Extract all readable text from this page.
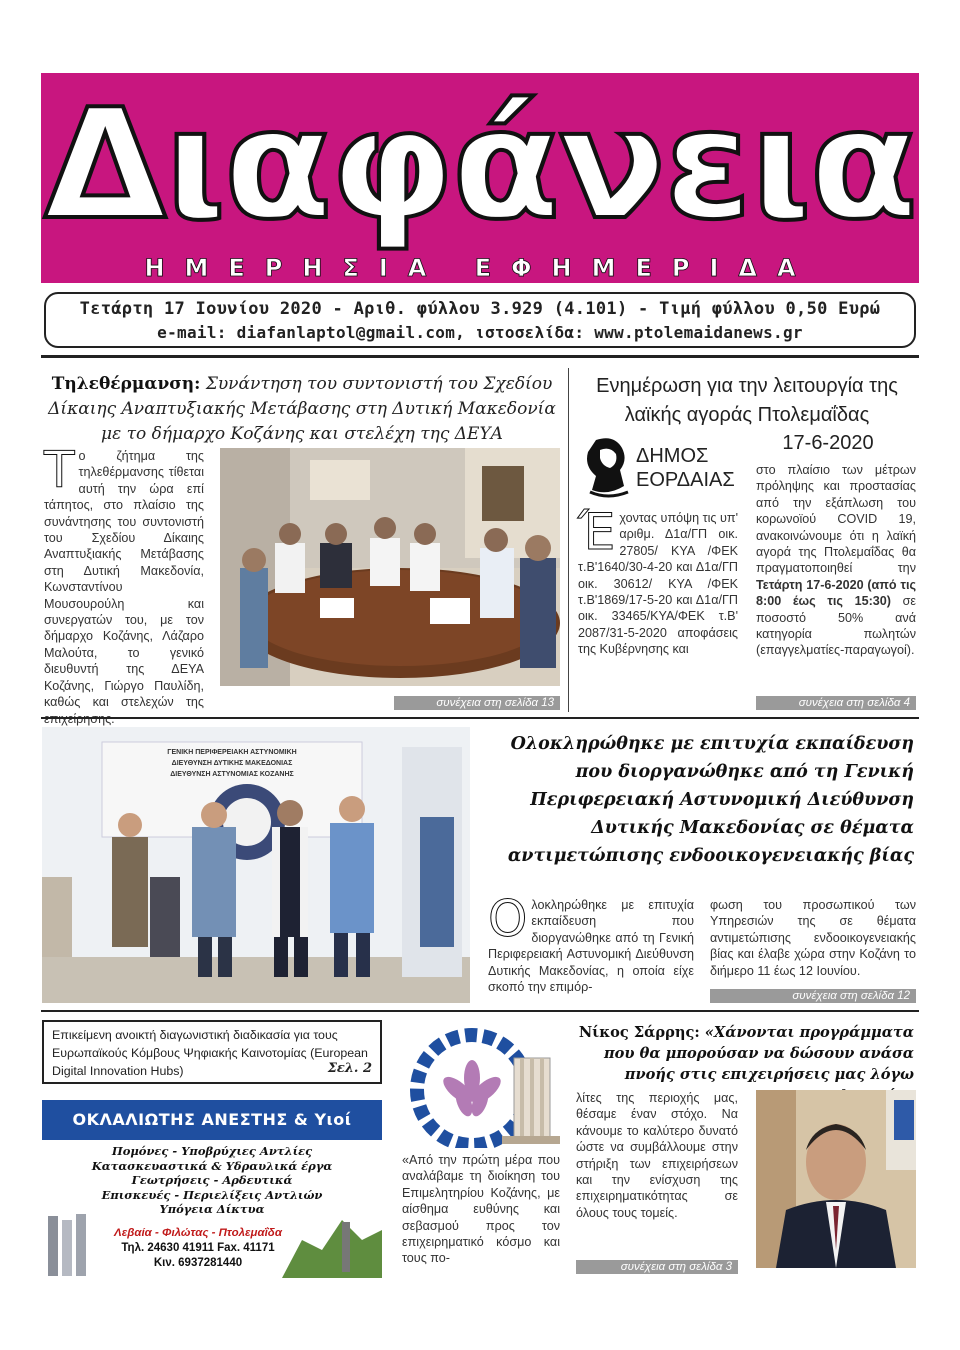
Διαφάνεια
ΗΜΕΡΗΣΙΑ ΕΦΗΜΕΡΙΔΑ
Τετάρτη 17 Ιουνίου 2020 - Αριθ. φύλλου 3.929 (4.101) - Τιμή φύλλου 0,50 Ευρώ
e-mail: diafanlaptol@gmail.com, ιστοσελίδα: www.ptolemaidanews.gr
Τηλεθέρμανση: Συνάντηση του συντονιστή του Σχεδίου Δίκαιης Αναπτυξιακής Μετάβασης στη Δυτική Μακεδονία με το δήμαρχο Κοζάνης και στελέχη της ΔΕΥΑ
Το ζήτημα της τηλεθέρμανσης τίθεται αυτή την ώρα επί τάπητος, στο πλαίσιο της συνάντησης του συντονιστή του Σχεδίου Δίκαιης Αναπτυξιακής Μετάβασης στη Δυτική Μακεδονία, Κωνσταντίνου Μουσουρούλη και συνεργατών του, με τον δήμαρχο Κοζάνης, Λάζαρο Μαλούτα, το γενικό διευθυντή της ΔΕΥΑ Κοζάνης, Γιώργο Παυλίδη, καθώς και στελεχών της	συνέχεια στη σελίδα 13
Ενημέρωση για την λειτουργία της λαϊκής αγοράς Πτολεμαΐδας
17-6-2020
ΔΗΜΟΣ
ΕΟΡΔΑΙΑΣ
Έχοντας υπόψη τις υπ' αριθμ. Δ1α/ΓΠ οικ. 27805/ ΚΥΑ /ΦΕΚ τ.Β'1640/30-4-20 και Δ1α/ΓΠ οικ. 30612/ ΚΥΑ /ΦΕΚ τ.Β'1869/17-5-20 και Δ1α/ΓΠ οικ. 33465/ΚΥΑ/ΦΕΚ τ.Β' 2087/31-5-2020 αποφάσεις της Κυβέρνησης και
στο πλαίσιο των μέτρων πρόληψης και προστασίας από την εξάπλωση του κορωνοϊού COVID 19, ανακοινώνουμε ότι η λαϊκή αγορά της Πτολεμαΐδας θα πραγματοποιηθεί την Τετάρτη 17-6-2020 (από τις 8:00 έως τις 15:30) σε ποσοστό 50% ανά κατηγορία πωλητών (επαγγελματίες-παραγωγοί).
συνέχεια στη σελίδα 4
ΓΕΝΙΚΗ ΠΕΡΙΦΕΡΕΙΑΚΗ ΑΣΤΥΝΟΜΙΚΗ
ΔΙΕΥΘΥΝΣΗ ΔΥΤΙΚΗΣ ΜΑΚΕΔΟΝΙΑΣ
ΔΙΕΥΘΥΝΣΗ ΑΣΤΥΝΟΜΙΑΣ ΚΟΖΑΝΗΣ
Ολοκληρώθηκε με επιτυχία εκπαίδευση που διοργανώθηκε από τη Γενική Περιφερειακή Αστυνομική Διεύθυνση Δυτικής Μακεδονίας σε θέματα αντιμετώπισης ενδοοικογενειακής βίας
Ολοκληρώθηκε με επιτυχία εκπαίδευση που διοργανώθηκε από τη Γενική Περιφερειακή Αστυνομική Διεύθυνση Δυτικής Μακεδονίας, η οποία είχε σκοπό την επιμόρ-
φωση του προσωπικού των Υπηρεσιών της σε θέματα αντιμετώπισης ενδοοικογενειακής βίας και έλαβε χώρα στην Κοζάνη το διήμερο 11 έως 12 Ιουνίου.
συνέχεια στη σελίδα 12
Επικείμενη ανοικτή διαγωνιστική διαδικασία για τους Ευρωπαϊκούς Κόμβους Ψηφιακής Καινοτομίας (European Digital Innovation Hubs)	Σελ. 2
ΟΚΛΑΛΙΩΤΗΣ ΑΝΕΣΤΗΣ & Υιοί
Πομόνες - Υποβρύχιες Αντλίες
Κατασκευαστικά & Υδραυλικά έργα
Γεωτρήσεις - Αρδευτικά
Επισκευές - Περιελίξεις Αντλιών
Υπόγεια Δίκτυα
Λεβαία - Φιλώτας - Πτολεμαΐδα
Τηλ. 24630 41911 Fax. 41171
Κιν. 6937281440
Νίκος Σάρρης: «Χάνονται προγράμματα που θα μπορούσαν να δώσουν ανάσα πνοής στις επιχειρήσεις μας λόγω
«Από την πρώτη μέρα που αναλάβαμε τη διοίκηση του Επιμελητηρίου Κοζάνης, με αίσθημα ευθύνης και σεβασμού προς τον επιχειρηματικό κόσμο και τους πο-
λίτες της περιοχής μας, θέσαμε έναν στόχο. Να κάνουμε το καλύτερο δυνατό ώστε να συμβάλλουμε στην στήριξη των επιχειρήσεων και την ενίσχυση της επιχειρηματικότητας σε όλους τους τομείς.
συνέχεια στη σελίδα 3
